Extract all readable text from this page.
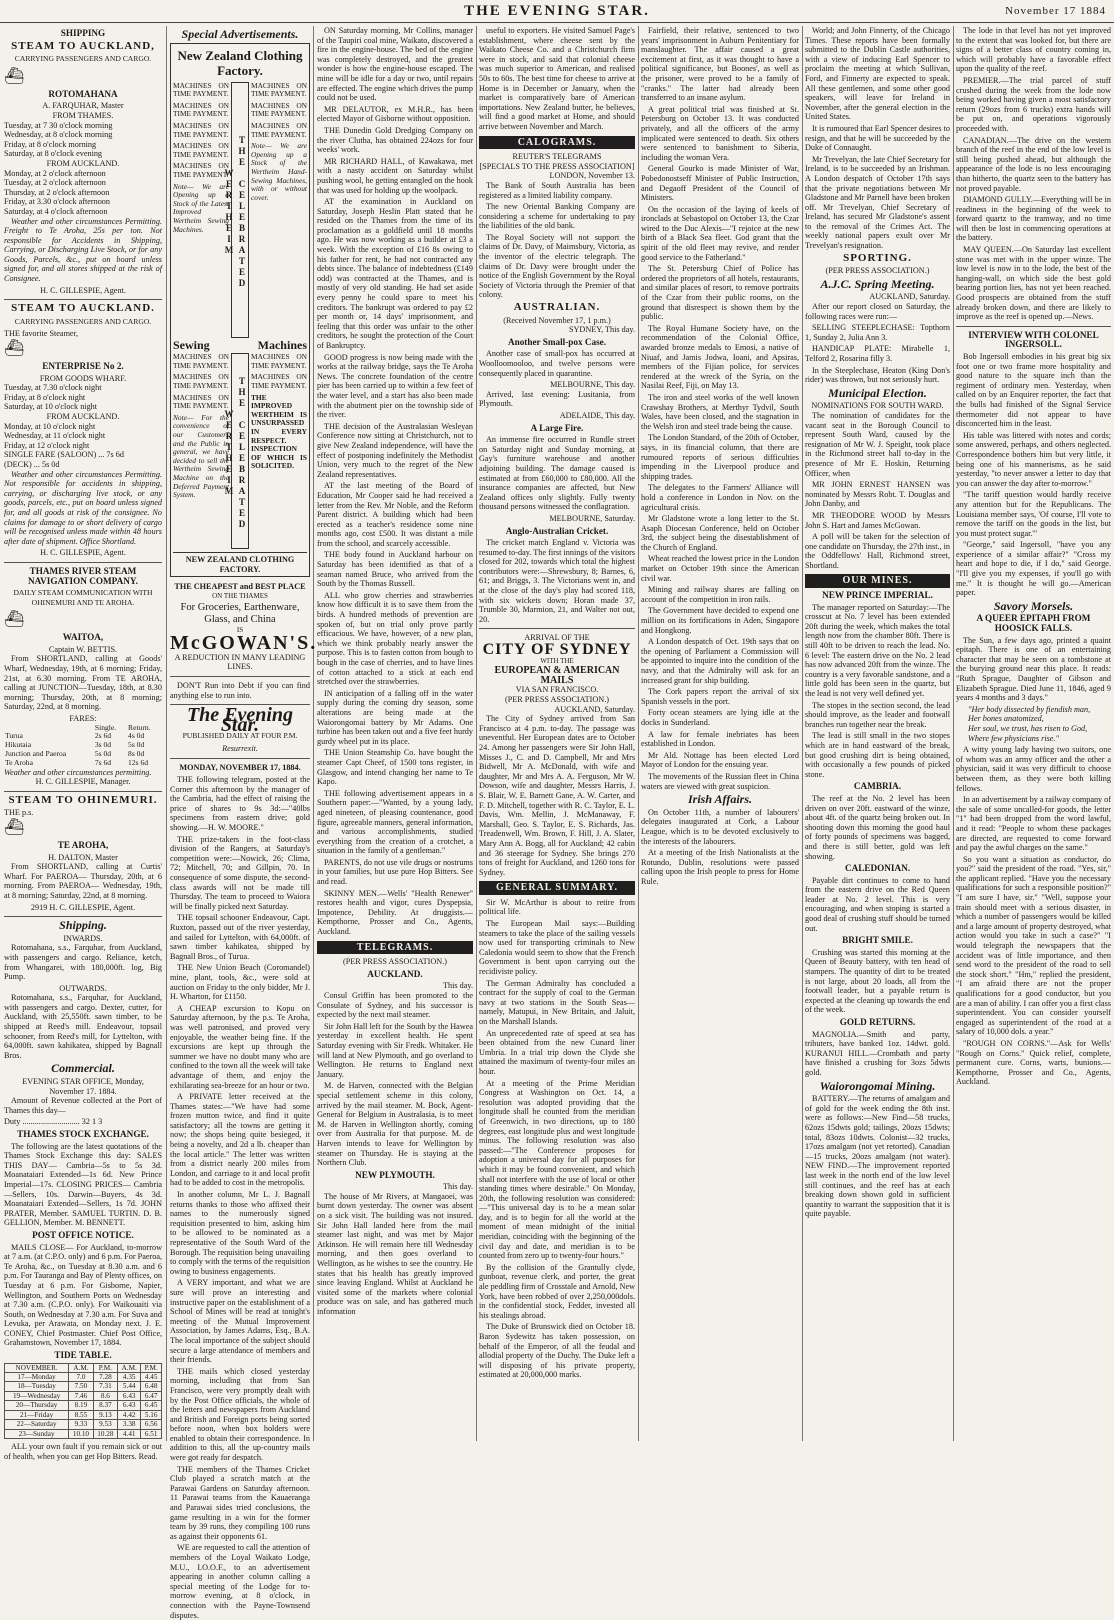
THE EVENING STAR.	November 17 1884
SHIPPING
STEAM TO AUCKLAND,
CARRYING PASSENGERS AND CARGO.
⛴
ROTOMAHANA
A. FARQUHAR, Master
FROM THAMES.
Tuesday, at 7 30 o'clock morning
Wednesday, at 8 o'clock morning
Friday, at 8 o'clock morning
Saturday, at 8 o'clock evening
FROM AUCKLAND.
Monday, at 2 o'clock afternoon
Tuesday, at 2 o'clock afternoon
Thursday, at 2 o'clock afternoon
Friday, at 3.30 o'clock afternoon
Saturday, at 4 o'clock afternoon

Weather and other circumstances Permitting. Freight to Te Aroha, 25s per ton. Not responsible for Accidents in Shipping, Carrying, or Discharging Live Stock, or for any Goods, Parcels, &c., put on board unless signed for, and all stores shipped at the risk of Consignee.

H. C. GILLESPIE, Agent.
STEAM TO AUCKLAND.
CARRYING PASSENGERS AND CARGO.
THE favorite Steamer,
⛴
ENTERPRISE No 2.
FROM GOODS WHARF.
Tuesday, at 7.30 o'clock night
Friday, at 8 o'clock night
Saturday, at 10 o'clock night
FROM AUCKLAND.
Monday, at 10 o'clock night
Wednesday, at 11 o'clock night
Friday, at 12 o'clock night
SINGLE FARE (SALOON) ... 7s 6d
(DECK) ... 5s 0d

Weather and other circumstances Permitting. Not responsible for accidents in shipping, carrying, or discharging live stock, or any goods, parcels, etc., put on board unless signed for, and all goods at risk of the consignee. No claims for damage to or short delivery of cargo will be recognised unless made within 48 hours after date of shipment. Office Shortland.

H. C. GILLESPIE, Agent.
THAMES RIVER STEAM NAVIGATION COMPANY.
DAILY STEAM COMMUNICATION WITH OHINEMURI AND TE AROHA.
⛴
WAITOA,
Captain W. BETTIS.

From SHORTLAND, calling at Goods' Wharf, Wednesday, 19th, at 6 morning; Friday, 21st, at 6.30 morning. From TE AROHA, calling at JUNCTION—Tuesday, 18th, at 8.30 morning; Thursday, 20th, at 8 morning; Saturday, 22nd, at 8 morning.

FARES:
	Single.	Return.
Turua	2s 6d	4s 0d
Hikutaia	3s 0d	5s 0d
Junction and Paeroa	5s 0d	8s 0d
Te Aroha	7s 6d	12s 6d
Weather and other circumstances permitting.
H. C. GILLESPIE, Manager.
STEAM TO OHINEMURI.
THE p.s.
⛴
TE AROHA,
H. DALTON, Master

From SHORTLAND, calling at Curtis' Wharf. For PAEROA— Thursday, 20th, at 6 morning. From PAEROA— Wednesday, 19th, at 8 morning; Saturday, 22nd, at 8 morning.

2919 H. C. GILLESPIE, Agent.
Shipping.
INWARDS.

Rotomahana, s.s., Farquhar, from Auckland, with passengers and cargo. Reliance, ketch, from Whangarei, with 180,000ft. log, Big Pump.

OUTWARDS.

Rotomahana, s.s., Farquhar, for Auckland, with passengers and cargo. Dexter, cutter, for Auckland, with 25,550ft. sawn timber, to be shipped at Reed's mill. Endeavour, topsail schooner, from Reed's mill, for Lyttelton, with 64,000ft. sawn kahikatea, shipped by Bagnall Bros.

Commercial.
EVENING STAR OFFICE, Monday, November 17. 1884.

Amount of Revenue collected at the Port of Thames this day—

Duty ............................ 32 1 3
THAMES STOCK EXCHANGE.

The following are the latest quotations of the Thames Stock Exchange this day: SALES THIS DAY— Cambria—5s to 5s 3d. Moanataiari Extended—1s 6d. New Prince Imperial—17s. CLOSING PRICES— Cambria—Sellers, 10s. Darwin—Buyers, 4s 3d. Moanataiari Extended—Sellers, 1s 7d. JOHN PRATER, Member. SAMUEL TURTIN. D. B. GELLION, Member. M. BENNETT.

POST OFFICE NOTICE.

MAILS CLOSE— For Auckland, to-morrow at 7 a.m. (at C.P.O. only) and 6 p.m. For Paeroa, Te Aroha, &c., on Tuesday at 8.30 a.m. and 6 p.m. For Tauranga and Bay of Plenty offices, on Tuesday at 6 p.m. For Gisborne, Napier, Wellington, and Southern Ports on Wednesday at 7.30 a.m. (C.P.O. only). For Waikouaiti via South, on Wednesday at 7.30 a.m. For Suva and Levuka, per Arawata, on Monday next. J. E. CONEY, Chief Postmaster. Chief Post Office, Grahamstown, November 17, 1884.

TIDE TABLE.
NOVEMBER.	A.M.	P.M.	A.M.	P.M.
17—Monday	7.0	7.28	4.35	4.45
18—Tuesday	7.50	7.31	5.44	6.48
19—Wednesday	7.46	8.6	6.43	6.47
20—Thursday	8.19	8.37	6.43	6.45
21—Friday	8.55	9.13	4.42	5.16
22—Saturday	9.33	9.53	3.38	6.56
23—Sunday	10.10	10.28	4.41	6.51

ALL your own fault if you remain sick or out of health, when you can get Hop Bitters. Read.

Special Advertisements.
New Zealand Clothing Factory.
MACHINES ON TIME PAYMENT.
MACHINES ON TIME PAYMENT.
MACHINES ON TIME PAYMENT.
MACHINES ON TIME PAYMENT.
MACHINES ON TIME PAYMENT.
Note— We are Opening up a Stock of the Latest Improved Wertheim Sewing Machines.	THE CELEBRATED WERTHEIM
MACHINES ON TIME PAYMENT.
MACHINES ON TIME PAYMENT.
MACHINES ON TIME PAYMENT.
Note— We are Opening up a Stock of the Wertheim Hand-Sewing Machines, with or without cover.
Sewing	Machines
MACHINES ON TIME PAYMENT.
MACHINES ON TIME PAYMENT.
MACHINES ON TIME PAYMENT.
Note— For the convenience of our Customers and the Public in general, we have decided to sell the Wertheim Sewing Machine on the Deferred Payment System.	THE CELEBRATED WERTHEIM
MACHINES ON TIME PAYMENT.
MACHINES ON TIME PAYMENT.
THE IMPROVED WERTHEIM IS UNSURPASSED IN EVERY RESPECT. INSPECTION OF WHICH IS SOLICITED.
NEW ZEALAND CLOTHING FACTORY.
THE CHEAPEST and BEST PLACE
ON THE THAMES
For Groceries, Earthenware, Glass, and China
IS
McGOWAN'S.
A REDUCTION IN MANY LEADING LINES.

DON'T Run into Debt if you can find anything else to run into.

The Evening Star.
PUBLISHED DAILY AT FOUR P.M.
Resurrexit.
MONDAY, NOVEMBER 17, 1884.

THE following telegram, posted at the Corner this afternoon by the manager of the Cambria, had the effect of raising the price of shares to 9s 3d:—"40lbs specimens from eastern drive; gold showing.—H. W. MOORE."

THE prize-takers in the foot-class division of the Rangers, at Saturday's competition were:—Nowick, 26; Clima, 72; Mitchell, 70; and Gillpin, 70. In consequence of some dispute, the second-class awards will not be made till Thursday. The team to proceed to Waiora will be finally picked next Saturday.

THE topsail schooner Endeavour, Capt. Ruxton, passed out of the river yesterday, and sailed for Lyttelton, with 64,000ft. of sawn timber kahikatea, shipped by Bagnall Bros., of Turua.

THE New Union Beach (Coromandel) mine, plant, tools, &c., were sold at auction on Friday to the only bidder, Mr J. H. Wharton, for £1150.

A CHEAP excursion to Kopu on Saturday afternoon, by the p.s. Te Aroha, was well patronised, and proved very enjoyable, the weather being fine. If the excursions are kept up through the summer we have no doubt many who are confined to the town all the week will take advantage of them, and enjoy the exhilarating sea-breeze for an hour or two.

A PRIVATE letter received at the Thames states:—"We have had some frozen mutton twice, and find it quite satisfactory; all the towns are getting it now; the shops being quite besieged, it being a novelty, and 2d a lb. cheaper than the local article." The letter was written from a district nearly 200 miles from London, and carriage to it and local profit had to be added to cost in the metropolis.

In another column, Mr L. J. Bagnall returns thanks to those who affixed their names to the numerously signed requisition presented to him, asking him to be allowed to be nominated as a representative of the South Ward of the Borough. The requisition being unavailing to comply with the terms of the requisition owing to business engagements.

A VERY important, and what we are sure will prove an interesting and instructive paper on the establishment of a School of Mines will be read at tonight's meeting of the Mutual Improvement Association, by James Adams, Esq., B.A. The local importance of the subject should secure a large attendance of members and their friends.

THE mails which closed yesterday morning, including that from San Francisco, were very promptly dealt with by the Post Office officials, the whole of the letters and newspapers from Auckland and British and Foreign ports being sorted before noon, when box holders were enabled to obtain their correspondence. In addition to this, all the up-country mails were got ready for despatch.

THE members of the Thames Cricket Club played a scratch match at the Parawai Gardens on Saturday afternoon. 11 Parawai teams from the Kauaeranga and Parawai sides tried conclusions, the game resulting in a win for the former team by 39 runs, they compiling 100 runs as against their opponents 61.

WE are requested to call the attention of members of the Loyal Waikato Lodge, M.U., I.O.O.F., to an advertisement appearing in another column calling a special meeting of the Lodge for to-morrow evening, at 8 o'clock, in connection with the Payne-Townsend disputes.

ON Saturday morning, Mr Collins, manager of the Taupiri coal mine, Waikato, discovered a fire in the engine-house. The bed of the engine was completely destroyed, and the greatest wonder is how the engine-house escaped. The mine will be idle for a day or two, until repairs are effected. The engine which drives the pump could not be used.

MR DELAUTOR, ex M.H.R., has been elected Mayor of Gisborne without opposition.

THE Dunedin Gold Dredging Company on the river Clutha, has obtained 224ozs for four weeks' work.

MR RICHARD HALL, of Kawakawa, met with a nasty accident on Saturday whilst pushing wool, he getting entangled on the hook that was used for holding up the woolpack.

AT the examination in Auckland on Saturday, Joseph Heslin Platt stated that he resided on the Thames from the time of its proclamation as a goldfield until 18 months ago. He was now working as a builder at £3 a week. With the exception of £16 8s owing to his father for rent, he had not contracted any debts since. The balance of indebtedness (£149 odd) was contracted at the Thames, and is mostly of very old standing. He had set aside every penny he could spare to meet his creditors. The bankrupt was ordered to pay £2 per month or, 14 days' imprisonment, and feeling that this order was unfair to the other creditors, he sought the protection of the Court of Bankruptcy.

GOOD progress is now being made with the works at the railway bridge, says the Te Aroha News. The concrete foundation of the centre pier has been carried up to within a few feet of the water level, and a start has also been made with the abutment pier on the township side of the river.

THE decision of the Australasian Wesleyan Conference now sitting at Christchurch, not to give New Zealand independence, will have the effect of postponing indefinitely the Methodist Union, very much to the regret of the New Zealand representatives.

AT the last meeting of the Board of Education, Mr Cooper said he had received a letter from the Rev. Mr Noble, and the Reform Parent district. A building which had been erected as a teacher's residence some nine months ago, cost £500. It was distant a mile from the school, and scarcely accessible.

THE body found in Auckland harbour on Saturday has been identified as that of a seaman named Bruce, who arrived from the South by the Thomas Russell.

ALL who grow cherries and strawberries know how difficult it is to save them from the birds. A hundred methods of prevention are spoken of, but on trial only prove partly efficacious. We have, however, of a new plan, which we think probably nearly answer the purpose. This is to fasten cotton from bough to bough in the case of cherries, and to have lines of cotton attached to a stick at each end stretched over the strawberries.

IN anticipation of a falling off in the water supply during the coming dry season, some alterations are being made at the Waiorongomai battery by Mr Adams. One turbine has been taken out and a five feet hurdy gurdy wheel put in its place.

THE Union Steamship Co. have bought the steamer Capt Cheef, of 1500 tons register, in Glasgow, and intend changing her name to Te Kapo.

THE following advertisement appears in a Southern paper:—"Wanted, by a young lady, aged nineteen, of pleasing countenance, good figure, agreeable manners, general information, and various accomplishments, studied everything from the creation of a crotchet, a situation in the family of a gentleman."

PARENTS, do not use vile drugs or nostrums in your families, but use pure Hop Bitters. See and read.

SKINNY MEN.—Wells' "Health Renewer" restores health and vigor, cures Dyspepsia, Impotence, Debility. At druggists.—Kempthorne, Prosser and Co., Agents, Auckland.

TELEGRAMS.
(PER PRESS ASSOCIATION.)
AUCKLAND.
This day.

Consul Griffin has been promoted to the Consulate of Sydney, and his successor is expected by the next mail steamer.

Sir John Hall left for the South by the Hawea yesterday in excellent health. He spent Saturday evening with Sir Fredk. Whitaker. He will land at New Plymouth, and go overland to Wellington. He returns to England next January.

M. de Harven, connected with the Belgian special settlement scheme in this colony, arrived by the mail steamer. M. Bock, Agent-General for Belgium in Australasia, is to meet M. de Harven in Wellington shortly, coming over from Australia for that purpose. M. de Harven intends to leave for Wellington by steamer on Thursday. He is staying at the Northern Club.

NEW PLYMOUTH.
This day.

The house of Mr Rivers, at Mangaoei, was burnt down yesterday. The owner was absent on a sick visit. The building was not insured. Sir John Hall landed here from the mail steamer last night, and was met by Major Atkinson. He will remain here till Wednesday morning, and then goes overland to Wellington, as he wishes to see the country. He states that his health has greatly improved since leaving England. Whilst at Auckland he visited some of the markets where colonial produce was on sale, and has gathered much information

useful to exporters. He visited Samuel Page's establishment, where cheese sent by the Waikato Cheese Co. and a Christchurch firm were in stock, and said that colonial cheese was much superior to American, and realised 50s to 60s. The best time for cheese to arrive at Home is in December or January, when the market is comparatively bare of American importations. New Zealand butter, he believes, will find a good market at Home, and should arrive between November and March.

CALOGRAMS.
REUTER'S TELEGRAMS
[SPECIALS TO THE PRESS ASSOCIATION]
LONDON, November 13.

The Bank of South Australia has been registered as a limited liability company.

The new Oriental Banking Company are considering a scheme for undertaking to pay the liabilities of the old bank.

The Royal Society will not support the claims of Dr. Davy, of Maimsbury, Victoria, as the inventor of the electric telegraph. The claims of Dr. Davy were brought under the notice of the English Government by the Royal Society of Victoria through the Premier of that colony.

AUSTRALIAN.
(Received November 17, 1 p.m.)
SYDNEY, This day.
Another Small-pox Case.

Another case of small-pox has occurred at Woolloomooloo, and twelve persons were consequently placed in quarantine.

MELBOURNE, This day.

Arrived, last evening: Lusitania, from Plymouth.

ADELAIDE, This day.
A Large Fire.

An immense fire occurred in Rundle street on Saturday night and Sunday morning, at Gay's furniture warehouse and another adjoining building. The damage caused is estimated at from £60,000 to £80,000. All the insurance companies are affected, but New Zealand offices only slightly. Fully twenty thousand persons witnessed the conflagration.

MELBOURNE, Saturday.
Anglo-Australian Cricket.

The cricket match England v. Victoria was resumed to-day. The first innings of the visitors closed for 202, towards which total the highest contributors were:—Shrewsbury, 8; Barnes, 6, 61; and Briggs, 3. The Victorians went in, and at the close of the day's play had scored 118, with six wickets down; Horan made 37, Trumble 30, Marmion, 21, and Walter not out, 20.

ARRIVAL OF THE
CITY OF SYDNEY
WITH THE
EUROPEAN & AMERICAN MAILS
VIA SAN FRANCISCO.
(PER PRESS ASSOCIATION.)
AUCKLAND, Saturday.

The City of Sydney arrived from San Francisco at 4 p.m. to-day. The passage was uneventful. Her European dates are to October 24. Among her passengers were Sir John Hall, Misses J., C. and D. Campbell, Mr and Mrs Bidwell, Mr A. McDonald, with wife and daughter, Mr and Mrs A. A. Ferguson, Mr W. Dowson, wife and daughter, Messrs Harris, J. S. Blair, W. E. Barnett Gane, A. W. Carter, and F. D. Mitchell, together with R. C. Taylor, E. L. Davis, Wm. Mellin, J. McManaway, F. Marshall, Geo. S. Taylor, E. S. Richards, Jas. Treadenwell, Wm. Brown, F. Hill, J. A. Slater, Mary Ann A. Bogg, all for Auckland; 42 cabin and 36 steerage for Sydney. She brings 270 tons of freight for Auckland, and 1260 tons for Sydney.

GENERAL SUMMARY.

Sir W. McArthur is about to retire from political life.

The European Mail says:—Building steamers to take the place of the sailing vessels now used for transporting criminals to New Caledonia would seem to show that the French Government is bent upon carrying out the recidiviste policy.

The German Admiralty has concluded a contract for the supply of coal to the German navy at two stations in the South Seas—namely, Matupui, in New Britain, and Jaluit, on the Marshall Islands.

An unprecedented rate of speed at sea has been obtained from the new Cunard liner Umbria. In a trial trip down the Clyde she attained the maximum of twenty-four miles an hour.

At a meeting of the Prime Meridian Congress at Washington on Oct. 14, a resolution was adopted providing that the longitude shall be counted from the meridian of Greenwich, in two directions, up to 180 degrees, east longitude plus and west longitude minus. The following resolution was also passed:—"The Conference proposes for adoption a universal day for all purposes for which it may be found convenient, and which shall not interfere with the use of local or other standing times where desirable." On Monday, 20th, the following resolution was considered:—"This universal day is to be a mean solar day, and is to begin for all the world at the moment of mean midnight of the initial meridian, coinciding with the beginning of the civil day and date, and meridian is to be counted from zero up to twenty-four hours."

By the collision of the Grantully clyde, gunboat, revenue clerk, and porter, the great ale peddling firm of Crosstale and Arnold, New York, have been robbed of over 2,250,000dols. in the confidential stock, Fedder, invested all his stealings abroad.

The Duke of Brunswick died on October 18. Baron Sydewitz has taken possession, on behalf of the Emperor, of all the feudal and allodial property of the Duchy. The Duke left a will disposing of his private property, estimated at 20,000,000 marks.

Fairfield, their relative, sentenced to two years' imprisonment in Auburn Penitentiary for manslaughter. The affair caused a great excitement at first, as it was thought to have a political significance, but Boones', as well as the prisoner, were proved to be a family of "cranks." The latter had already been transferred to an insane asylum.

A great political trial was finished at St. Petersburg on October 13. It was conducted privately, and all the officers of the army implicated were sentenced to death. Six others were sentenced to banishment to Siberia, including the woman Vera.

General Gourko is made Minister of War, Pobedonostseff Minister of Public Instruction, and Degaoff President of the Council of Ministers.

On the occasion of the laying of keels of ironclads at Sebastopol on October 13, the Czar wired to the Duc Alexis—"I rejoice at the new birth of a Black Sea fleet. God grant that the spirit of the old fleet may revive, and render good service to the Fatherland."

The St. Petersburg Chief of Police has ordered the proprietors of all hotels, restaurants, and similar places of resort, to remove portraits of the Czar from their public rooms, on the ground that disrespect is shown them by the public.

The Royal Humane Society have, on the recommendation of the Colonial Office, awarded bronze medals to Emosi, a native of Niuaf, and Jamis Jodwa, Ioani, and Apsiras, members of the Fijian police, for services rendered at the wreck of the Syria, on the Nasilai Reef, Fiji, on May 13.

The iron and steel works of the well known Crawshay Brothers, at Merthyr Tydvil, South Wales, have been closed, and the stagnation in the Welsh iron and steel trade being the cause.

The London Standard, of the 20th of October, says, in its financial column, that there are rumoured reports of serious difficulties impending in the Liverpool produce and shipping trades.

The delegates to the Farmers' Alliance will hold a conference in London in Nov. on the agricultural crisis.

Mr Gladstone wrote a long letter to the St. Asaph Diocesan Conference, held on October 3rd, the subject being the disestablishment of the Church of England.

Wheat reached the lowest price in the London market on October 19th since the American civil war.

Mining and railway shares are falling on account of the competition in iron rails.

The Government have decided to expend one million on its fortifications in Aden, Singapore and Hongkong.

A London despatch of Oct. 19th says that on the opening of Parliament a Commission will be appointed to inquire into the condition of the navy, and that the Admiralty will ask for an increased grant for ship building.

The Cork papers report the arrival of six Spanish vessels in the port.

Forty ocean steamers are lying idle at the docks in Sunderland.

A law for female inebriates has been established in London.

Mr Ald. Nottage has been elected Lord Mayor of London for the ensuing year.

The movements of the Russian fleet in China waters are viewed with great suspicion.

Irish Affairs.

On October 11th, a number of labourers' delegates inaugurated at Cork, a Labour League, which is to be devoted exclusively to the interests of the labourers.

At a meeting of the Irish Nationalists at the Rotundo, Dublin, resolutions were passed calling upon the Irish people to press for Home Rule.

World; and John Finnerty, of the Chicago Times. These reports have been formally submitted to the Dublin Castle authorities, with a view of inducing Earl Spencer to proclaim the meeting at which Sullivan, Ford, and Finnerty are expected to speak. All these gentlemen, and some other good speakers, will leave for Ireland in November, after the general election in the United States.

It is rumoured that Earl Spencer desires to resign, and that he will be succeeded by the Duke of Connaught.

Mr Trevelyan, the late Chief Secretary for Ireland, is to be succeeded by an Irishman. A London despatch of October 17th says that the private negotiations between Mr Gladstone and Mr Parnell have been broken off. Mr Trevelyan, Chief Secretary of Ireland, has secured Mr Gladstone's assent to the removal of the Crimes Act. The weekly national papers exult over Mr Trevelyan's resignation.

SPORTING.
(PER PRESS ASSOCIATION.)
A.J.C. Spring Meeting.
AUCKLAND, Saturday.

After our report closed on Saturday, the following races were run:—

SELLING STEEPLECHASE: Topthorn 1, Sunday 2, Julia Ann 3.

HANDICAP PLATE: Mirabelle 1, Telford 2, Rosarina filly 3.

In the Steeplechase, Heaton (King Don's rider) was thrown, but not seriously hurt.

Municipal Election.
NOMINATIONS FOR SOUTH WARD.

The nomination of candidates for the vacant seat in the Borough Council to represent South Ward, caused by the resignation of Mr W. J. Speight, took place in the Richmond street hall to-day in the presence of Mr E. Hoskin, Returning Officer, when

MR JOHN ERNEST HANSEN was nominated by Messrs Robt. T. Douglas and John Danby, and

MR THEODORE WOOD by Messrs John S. Hart and James McGowan.

A poll will be taken for the selection of one candidate on Thursday, the 27th inst., in the Oddfellows' Hall, Richmond street, Shortland.

OUR MINES.
NEW PRINCE IMPERIAL.

The manager reported on Saturday:—The crosscut at No. 7 level has been extended 20ft during the week, which makes the total length now from the chamber 80ft. There is still 40ft to be driven to reach the lead. No. 6 level: The eastern drive on the No. 2 lead has now advanced 20ft from the winze. The country is a very favorable sandstone, and a little gold has been seen in the quartz, but the lead is not very well defined yet.

The stopes in the section second, the lead should improve, as the leader and footwall branches run together near the break.

The lead is still small in the two stopes which are in hand eastward of the break, but good crushing dirt is being obtained, with occasionally a few pounds of picked stone.

CAMBRIA.

The reef at the No. 2 level has been driven on over 20ft. eastward of the winze, about 4ft. of the quartz being broken out. In shooting down this morning the good haul of forty pounds of specimens was bagged, and there is still better, gold was left showing.

CALEDONIAN.

Payable dirt continues to come to hand from the eastern drive on the Red Queen leader at No. 2 level. This is very encouraging, and when stoping is started a good deal of crushing stuff should be turned out.

BRIGHT SMILE.

Crushing was started this morning at the Queen of Beauty battery, with ten head of stampers. The quantity of dirt to be treated is not large, about 20 loads, all from the footwall leader, but a payable return is expected at the cleaning up towards the end of the week.

GOLD RETURNS.

MAGNOLIA.—Smith and party, tributers, have banked 1oz. 14dwt. gold. KURANUI HILL.—Crombath and party have finished a crushing for 3ozs 5dwts gold.

Waiorongomai Mining.

BATTERY.—The returns of amalgam and of gold for the week ending the 8th inst. were as follows:—New Find—58 trucks, 62ozs 15dwts gold; tailings, 20ozs 15dwts; total, 83ozs 10dwts. Colonist—32 trucks, 17ozs amalgam (not yet retorted). Canadian—15 trucks, 20ozs amalgam (not water). NEW FIND.—The improvement reported last week in the north end of the low level still continues, and the reef has at each breaking down shown gold in sufficient quantity to warrant the supposition that it is quite payable.

The lode in that level has not yet improved to the extent that was looked for, but there are signs of a better class of country coming in, which will probably have a favorable effect upon the quality of the reef.

PREMIER.—The trial parcel of stuff crushed during the week from the lode now being worked having given a most satisfactory return (29ozs from 6 trucks) extra hands will be put on, and operations vigorously proceeded with.

CANADIAN.—The drive on the western branch of the reef in the end of the low level is still being pushed ahead, but although the appearance of the lode is no less encouraging than hitherto, the quartz seen to the battery has not proved payable.

DIAMOND GULLY.—Everything will be in readiness in the beginning of the week to forward quartz to the tramway, and no time will then be lost in commencing operations at the battery.

MAY QUEEN.—On Saturday last excellent stone was met with in the upper winze. The low level is now in to the lode, the best of the hanging-wall, on which side the best gold bearing portion lies, has not yet been reached. Good prospects are obtained from the stuff already broken down, and there are likely to improve as the reef is opened up.—News.

INTERVIEW WITH COLONEL INGERSOLL.

Bob Ingersoll embodies in his great big six foot one or two frame more hospitality and good nature to the square inch than the regiment of ordinary men. Yesterday, when called on by an Enquirer reporter, the fact that the bulls had finished of the Signal Service thermometer did not appear to have disconcerted him in the least.

His table was littered with notes and cords; some answered, perhaps, and others neglected. Correspondence bothers him but very little, it being one of his mannerisms, as he said yesterday, "to never answer a letter to day that you can answer the day after to-morrow."

"The tariff question would hardly receive any attention but for the Republicans. The Louisiana member says, 'Of course, I'll vote to remove the tariff on the goods in the list, but you must protect sugar.'"

"George," said Ingersoll, "have you any experience of a similar affair?" "Cross my heart and hope to die, if I do," said George. "I'll give you my expenses, if you'll go with me." It is thought he will go.—American paper.

Savory Morsels.
A QUEER EPITAPH FROM HOOSICK FALLS.

The Sun, a few days ago, printed a quaint epitaph. There is one of an entertaining character that may be seen on a tombstone at the burying ground near this place. It reads: "Ruth Sprague, Daughter of Gibson and Elizabeth Sprague. Died June 11, 1846, aged 9 years 4 months and 3 days."

"Her body dissected by fiendish man,
Her bones anatomized,
Her soul, we trust, has risen to God,
Where few physicians rise."

A witty young lady having two suitors, one of whom was an army officer and the other a physician, said it was very difficult to choose between them, as they were both killing fellows.

In an advertisement by a railway company of the sale of some uncalled-for goods, the letter "1" had been dropped from the word lawful, and it read: "People to whom these packages are directed, are requested to come forward and pay the awful charges on the same."

So you want a situation as conductor, do you?" said the president of the road. "Yes, sir," the applicant replied. "Have you the necessary qualifications for such a responsible position?" "I am sure I have, sir." "Well, suppose your train should meet with a serious disaster, in which a number of passengers would be killed and a large amount of property destroyed, what action would you take in such a case?" "I would telegraph the newspapers that the accident was of little importance, and then send word to the president of the road to sell the stock short." "Hm," replied the president, "I am afraid there are not the proper qualifications for a good conductor, but you are a man of ability. I can offer you a first class superintendent. You can consider yourself engaged as superintendent of the road at a salary of 10,000 dols. a year."

"ROUGH ON CORNS."—Ask for Wells' "Rough on Corns." Quick relief, complete, permanent cure. Corns, warts, bunions.—Kempthorne, Prosser and Co., Agents, Auckland.
